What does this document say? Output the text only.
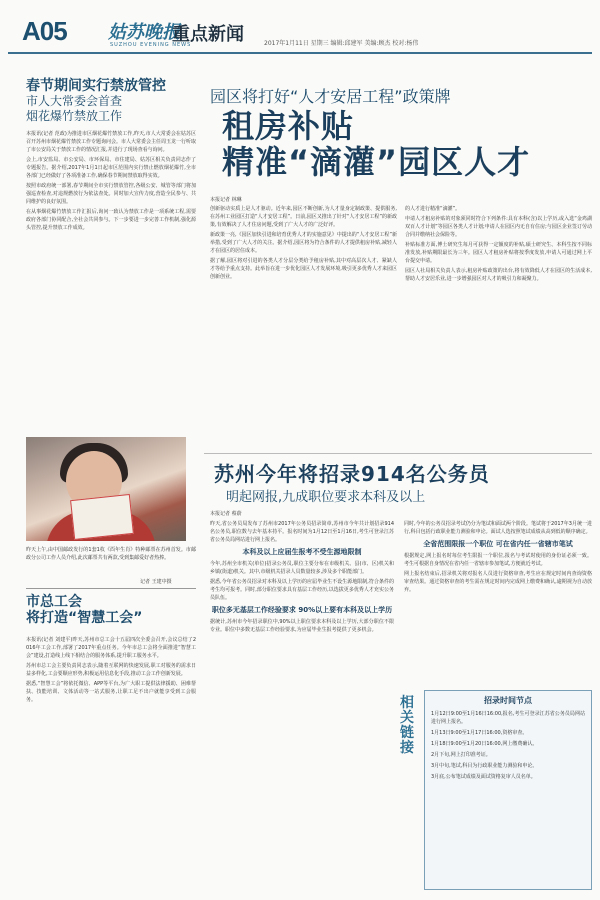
A05 姑苏晚报
SUZHOU EVENING NEWS
重点新闻	2017年1月11日 星期三 编辑:邱建军 美编:顾杰 校对:杨伟
春节期间实行禁放管控
市人大常委会首查
烟花爆竹禁放工作
本报讯(记者 范政)为推进市区烟花爆竹禁放工作,昨天,市人大常委会在姑苏区召开苏州市烟花爆竹禁放工作专题询问会。市人大常委会主任周玉龙一行听取了市公安局关于禁放工作的情况汇报,并进行了现场查看与询问。
会上,市安监局、市公安局、市环保局、市住建局、姑苏区相关负责同志作了专题报告。据介绍,2017年1月1日起市区范围内实行禁止燃放烟花爆竹,全市各部门已经做好了各项准备工作,确保春节期间禁放取得实效。
按照市政府统一部署,春节期间全市实行禁放管控,各级公安、城管等部门将加强巡查检查,对违规燃放行为依法查处。同时加大宣传力度,营造全民参与、共同维护的良好氛围。
在从事烟花爆竹禁放工作汇报后,询问一致认为禁放工作是一项系统工程,需要政府各部门协同配合,全社会共同参与。下一步要进一步完善工作机制,强化源头管控,提升禁放工作成效。
昨天上午,由中国邮政发行的1套1枚《酉年生肖》特种邮票在苏州首发。市邮政分公司工作人员介绍,此次邮票共有两款,受到集邮爱好者热捧。
记者 王建中摄
市总工会
将打造“智慧工会”
本报讯(记者 刘建平)昨天,苏州市总工会十五届四次全委会召开,会议总结了2016年工会工作,部署了2017年重点任务。今年市总工会将全面推进“智慧工会”建设,打造线上线下相结合的服务体系,提升职工服务水平。
苏州市总工会主要负责同志表示,随着互联网的快速发展,职工对服务的需求日益多样化,工会要顺应形势,积极运用信息化手段,推动工会工作创新发展。
据悉,“智慧工会”将依托微信、APP等平台,为广大职工提供法律援助、困难帮扶、技能培训、文体活动等一站式服务,让职工足不出户就能享受到工会服务。
园区将打好“人才安居工程”政策牌
租房补贴
精准“滴灌”园区人才
本报记者 林琳
创新驱动实质上是人才驱动。近年来,园区不断创新,为人才量身定制政策、提供服务,在苏州工业园区打造“人才安居工程”。日前,园区又推出了针对“人才安居工程”的新政策,有效解决了人才住房问题,受到了广大人才的广泛好评。
新政策一亮,《园区加快引进和培育优秀人才的实施意见》中提出的“人才安居工程”新举措,受到了广大人才的关注。据介绍,园区将为符合条件的人才提供租房补贴,减轻人才在园区的居住成本。
据了解,园区将对引进的各类人才分层分类给予租房补贴,其中对高层次人才、紧缺人才等给予重点支持。此举旨在进一步优化园区人才发展环境,吸引更多优秀人才来园区创新创业。
的人才进行精准“滴灌”。
申请人才租房补贴的对象须同时符合下列条件:具有本科(含)以上学历,或入选“金鸡湖双百人才计划”等园区各类人才计划;申请人在园区内无自有住房;与园区企业签订劳动合同并缴纳社会保险等。
补贴标准方面,博士研究生每月可获得一定额度的补贴,硕士研究生、本科生按不同标准发放,补贴期限最长为三年。园区人才租房补贴将按季度发放,申请人可通过网上平台提交申请。
园区人社局相关负责人表示,租房补贴政策的出台,将有效降低人才在园区的生活成本,帮助人才安居乐业,进一步增强园区对人才的吸引力和凝聚力。
苏州今年将招录914名公务员
明起网报,九成职位要求本科及以上
本报记者 蔡蔚
昨天,省公务员局发布了苏州市2017年公务员招录简章,苏州市今年共计划招录914名公务员,职位数与去年基本持平。报名时间为1月12日至1月16日,考生可登录江苏省公务员局网站进行网上报名。
本科及以上应届生报考不受生源地限制
今年,苏州全市机关(单位)招录公务员,职位主要分布在市级机关、县(市、区)机关和乡镇(街道)机关。其中,市级机关招录人员数量较多,涉及多个职能部门。
据悉,今年省公务员招录对本科及以上学历的应届毕业生不设生源地限制,符合条件的考生均可报考。同时,部分职位要求具有基层工作经历,以选拔更多优秀人才充实公务员队伍。
职位多无基层工作经验要求 90%以上要有本科及以上学历
据统计,苏州市今年招录职位中,90%以上职位要求本科及以上学历,大部分职位不限专业。职位中多数无基层工作经验要求,为应届毕业生报考提供了更多机会。
同时,今年的公务员招录考试仍分为笔试和面试两个阶段。笔试将于2017年3月统一进行,科目包括行政职业能力测验和申论。面试人选按照笔试成绩从高到低的顺序确定。
全省范围限报一个职位 可在省内任一省辖市笔试
根据规定,网上报名时每位考生限报一个职位,报名与考试时使用的身份证必须一致。考生可根据自身情况在省内任一省辖市参加笔试,方便就近考试。
网上报名结束后,招录机关将对报名人员进行资格审查,考生应在规定时间内查询资格审查结果。通过资格审查的考生需在规定时间内完成网上缴费和确认,逾期视为自动放弃。
相关链接
招录时间节点
1月12日9:00至1月16日16:00,报名,考生可登录江苏省公务员局网站进行网上报名。
1月13日9:00至1月17日16:00,资格审查。
1月18日9:00至1月20日16:00,网上缴费确认。
2月下旬,网上打印准考证。
3月中旬,笔试,科目为行政职业能力测验和申论。
3月底,公布笔试成绩及面试资格复审人员名单。
